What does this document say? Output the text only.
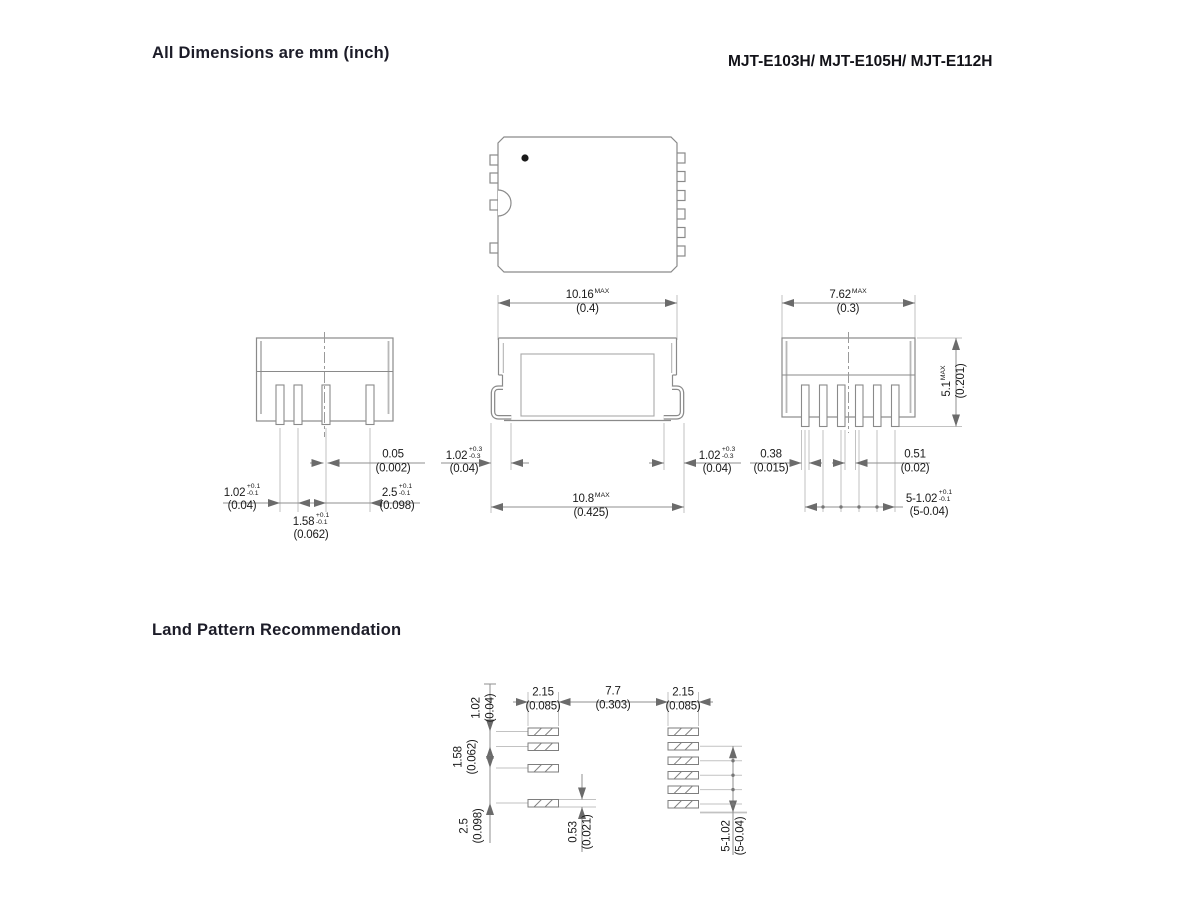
All Dimensions are mm (inch)	MJT-E103H/ MJT-E105H/ MJT-E112H
Land Pattern Recommendation
$10.16^{MAX}$
(0.4)
1.02
+0.3
-0.3
(0.04)
1.02
+0.3
-0.3
(0.04)
$10.8^{MAX}$
(0.425)
0.05
(0.002)
1.02
+0.1
-0.1
(0.04)
1.58
+0.1
-0.1
(0.062)
2.5
+0.1
-0.1
(0.098)
$7.62^{MAX}$
(0.3)
$5.1^{MAX}$ (0.201)
0.38
(0.015)
0.51
(0.02)
5-1.02
+0.1
-0.1
(5-0.04)
2.15
(0.085)
7.7
(0.303)
2.15
(0.085)
1.02 (0.04)
1.58 (0.062)
2.5 (0.098)	0.53 (0.021)	5-1.02 (5-0.04)
